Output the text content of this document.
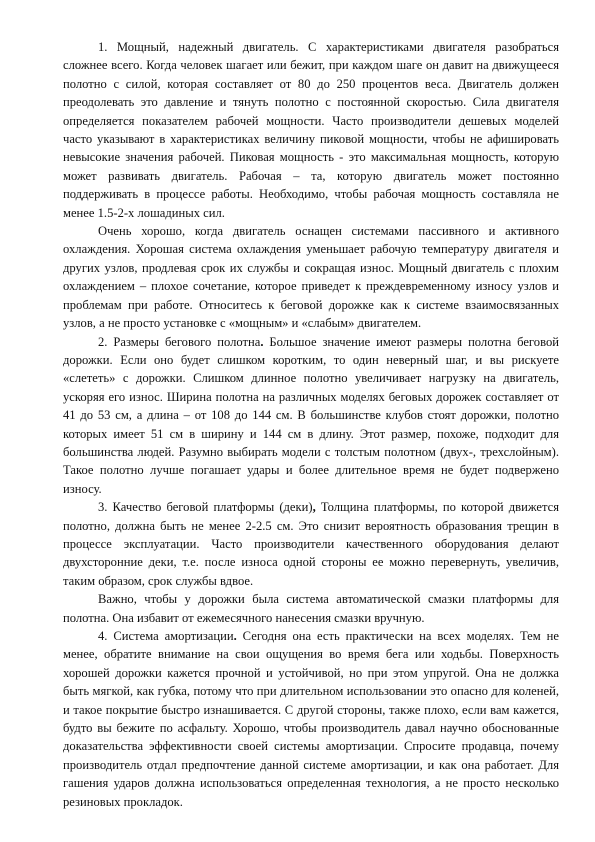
1. Мощный, надежный двигатель. С характеристиками двигателя разобраться сложнее всего. Когда человек шагает или бежит, при каждом шаге он давит на движущееся полотно с силой, которая составляет от 80 до 250 процентов веса. Двигатель должен преодолевать это давление и тянуть полотно с постоянной скоростью. Сила двигателя определяется показателем рабочей мощности. Часто производители дешевых моделей часто указывают в характеристиках величину пиковой мощности, чтобы не афишировать невысокие значения рабочей. Пиковая мощность - это максимальная мощность, которую может развивать двигатель. Рабочая – та, которую двигатель может постоянно поддерживать в процессе работы. Необходимо, чтобы рабочая мощность составляла не менее 1.5-2-х лошадиных сил.

Очень хорошо, когда двигатель оснащен системами пассивного и активного охлаждения. Хорошая система охлаждения уменьшает рабочую температуру двигателя и других узлов, продлевая срок их службы и сокращая износ. Мощный двигатель с плохим охлаждением – плохое сочетание, которое приведет к преждевременному износу узлов и проблемам при работе. Относитесь к беговой дорожке как к системе взаимосвязанных узлов, а не просто установке с «мощным» и «слабым» двигателем.

2. Размеры бегового полотна. Большое значение имеют размеры полотна беговой дорожки. Если оно будет слишком коротким, то один неверный шаг, и вы рискуете «слететь» с дорожки. Слишком длинное полотно увеличивает нагрузку на двигатель, ускоряя его износ. Ширина полотна на различных моделях беговых дорожек составляет от 41 до 53 см, а длина – от 108 до 144 см. В большинстве клубов стоят дорожки, полотно которых имеет 51 см в ширину и 144 см в длину. Этот размер, похоже, подходит для большинства людей. Разумно выбирать модели с толстым полотном (двух-, трехслойным). Такое полотно лучше погашает удары и более длительное время не будет подвержено износу.

3. Качество беговой платформы (деки), Толщина платформы, по которой движется полотно, должна быть не менее 2-2.5 см. Это снизит вероятность образования трещин в процессе эксплуатации. Часто производители качественного оборудования делают двухсторонние деки, т.е. после износа одной стороны ее можно перевернуть, увеличив, таким образом, срок службы вдвое.

Важно, чтобы у дорожки была система автоматической смазки платформы для полотна. Она избавит от ежемесячного нанесения смазки вручную.

4. Система амортизации. Сегодня она есть практически на всех моделях. Тем не менее, обратите внимание на свои ощущения во время бега или ходьбы. Поверхность хорошей дорожки кажется прочной и устойчивой, но при этом упругой. Она не должка быть мягкой, как губка, потому что при длительном использовании это опасно для коленей, и такое покрытие быстро изнашивается. С другой стороны, также плохо, если вам кажется, будто вы бежите по асфальту. Хорошо, чтобы производитель давал научно обоснованные доказательства эффективности своей системы амортизации. Спросите продавца, почему производитель отдал предпочтение данной системе амортизации, и как она работает. Для гашения ударов должна использоваться определенная технология, а не просто несколько резиновых прокладок.
